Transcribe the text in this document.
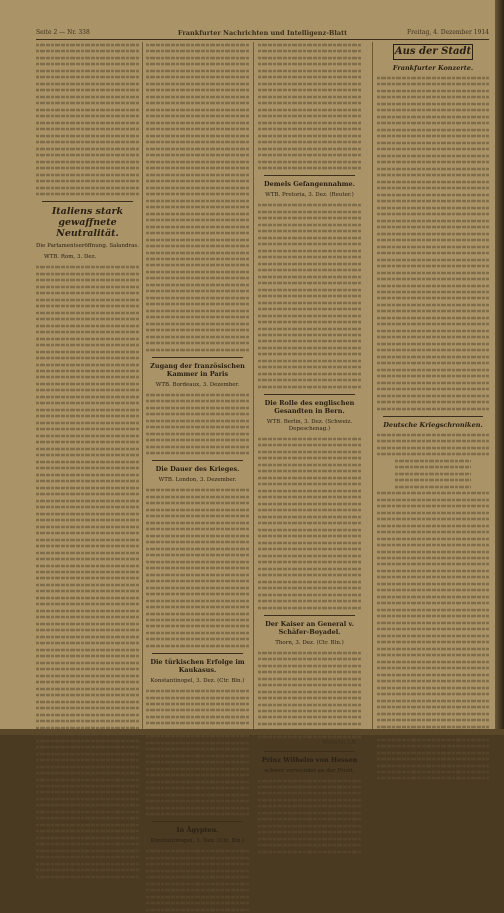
Seite 2 — Nr. 338	Frankfurter Nachrichten und Intelligenz-Blatt	Freitag, 4. Dezember 1914
Italiens stark gewaffnete Neutralität.
Die Parlamentseröffnung. Salandras.
WTB. Rom, 3. Dez.
Zugang der französischen Kammer in Paris
WTB. Bordeaux, 3. Dezember.
Die Dauer des Krieges.
WTB. London, 3. Dezember.
Die türkischen Erfolge im Kaukasus.
Konstantinopel, 3. Dez. (Ctr. Bln.)
In Ägypten.
Konstantinopel, 3. Dez. (Ctr. Bln.)
Demels Gefangennahme.
WTB. Pretoria, 3. Dez. (Reuter.)
Die Rolle des englischen Gesandten in Bern.
WTB. Berlin, 3. Dez. (Schweiz. Depeschenag.)
Der Kaiser an General v. Schäfer-Boyadel.
Thorn, 3. Dez. (Ctr. Bln.)
Wilhelm I.R.
Prinz Wilhelm von Hessen
schwer verwundet an der Front.
Aus der Stadt
Frankfurter Konzerte.
Deutsche Kriegschroniken.
